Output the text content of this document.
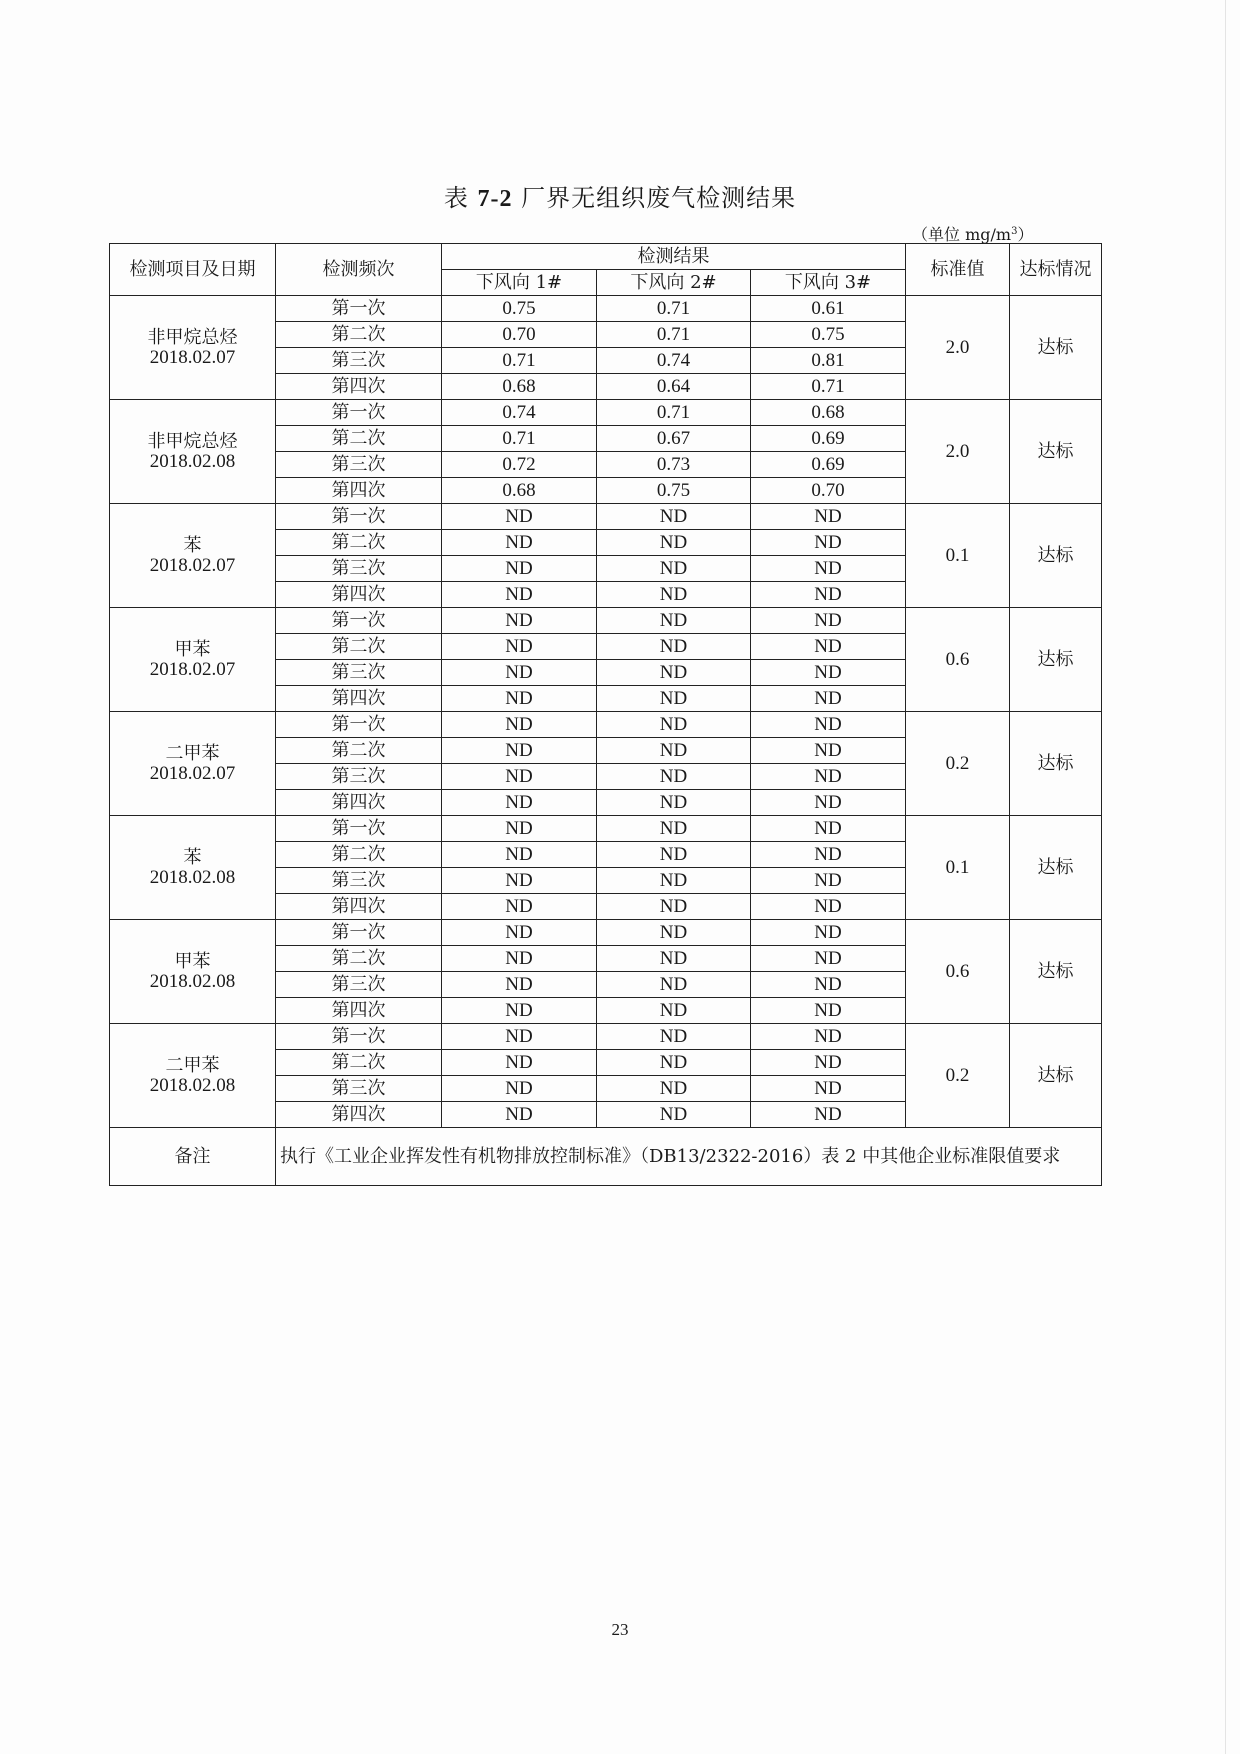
表 7-2 厂界无组织废气检测结果
（单位 $mg/m^3$）
检测项目及日期	检测频次	检测结果			标准值	达标情况
		下风向 1#	下风向 2#	下风向 3#		

非甲烷总烃
2018.02.07	第一次	0.75	0.71	0.61	2.0	达标
	第二次	0.70	0.71	0.75		
	第三次	0.71	0.74	0.81		
	第四次	0.68	0.64	0.71		

非甲烷总烃
2018.02.08	第一次	0.74	0.71	0.68	2.0	达标
	第二次	0.71	0.67	0.69		
	第三次	0.72	0.73	0.69		
	第四次	0.68	0.75	0.70		

苯
2018.02.07	第一次	ND	ND	ND	0.1	达标
	第二次	ND	ND	ND		
	第三次	ND	ND	ND		
	第四次	ND	ND	ND		

甲苯
2018.02.07	第一次	ND	ND	ND	0.6	达标
	第二次	ND	ND	ND		
	第三次	ND	ND	ND		
	第四次	ND	ND	ND		

二甲苯
2018.02.07	第一次	ND	ND	ND	0.2	达标
	第二次	ND	ND	ND		
	第三次	ND	ND	ND		
	第四次	ND	ND	ND		

苯
2018.02.08	第一次	ND	ND	ND	0.1	达标
	第二次	ND	ND	ND		
	第三次	ND	ND	ND		
	第四次	ND	ND	ND		

甲苯
2018.02.08	第一次	ND	ND	ND	0.6	达标
	第二次	ND	ND	ND		
	第三次	ND	ND	ND		
	第四次	ND	ND	ND		

二甲苯
2018.02.08	第一次	ND	ND	ND	0.2	达标
	第二次	ND	ND	ND		
	第三次	ND	ND	ND		
	第四次	ND	ND	ND		
备注	执行《工业企业挥发性有机物排放控制标准》（DB13/2322-2016）表 2 中其他企业标准限值要求					
23
